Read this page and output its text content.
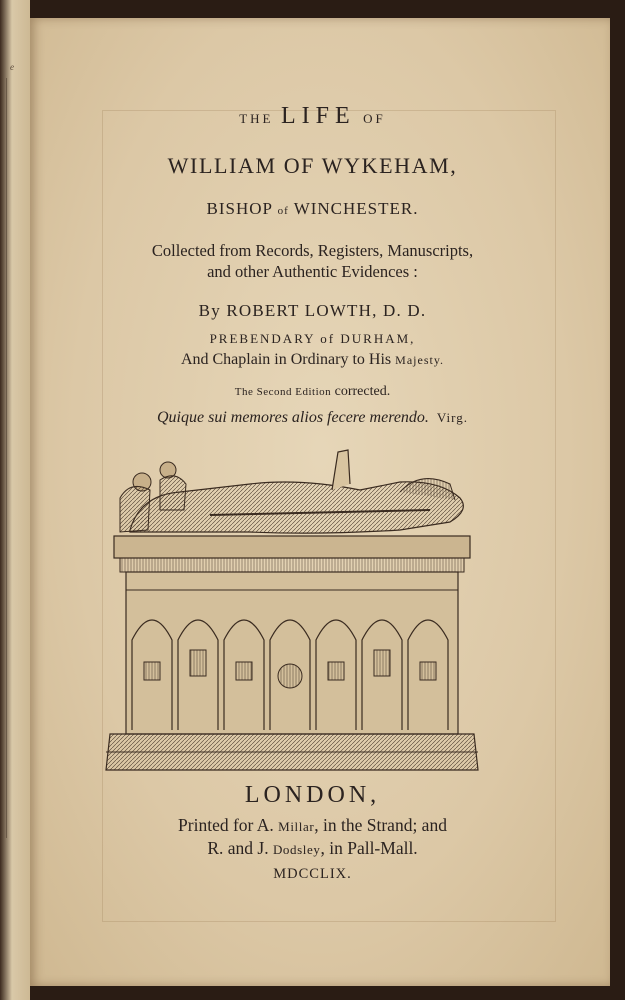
e

THE LIFE OF

WILLIAM OF WYKEHAM,

BISHOP of WINCHESTER.

Collected from Records, Registers, Manuscripts,

and other Authentic Evidences :

By ROBERT LOWTH, D. D.

PREBENDARY of DURHAM,

And Chaplain in Ordinary to His Majesty.

The Second Edition corrected.

Quique sui memores alios fecere merendo. Virg.

LONDON,

Printed for A. Millar, in the Strand; and

R. and J. Dodsley, in Pall-Mall.

MDCCLIX.
